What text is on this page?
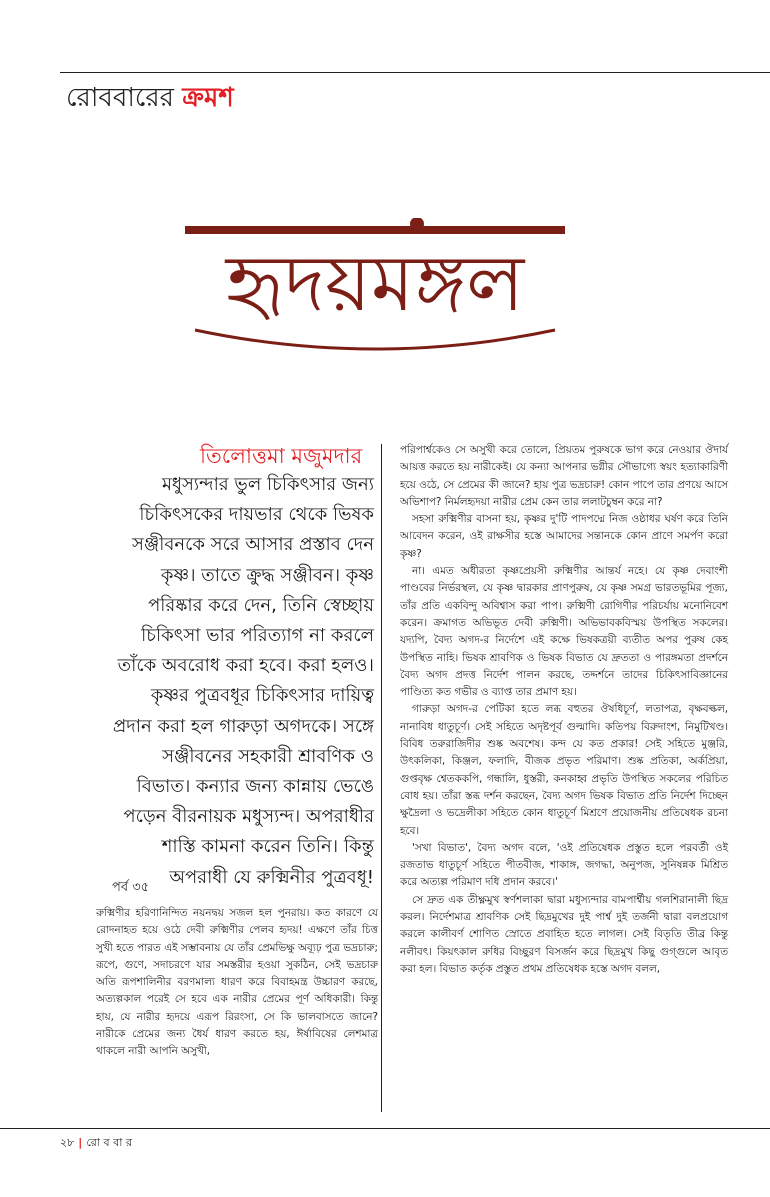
রোববারের ক্রমশ
হৃদয়মঙ্গল
তিলোত্তমা মজুমদার
মধুস্যন্দার ভুল চিকিৎসার জন্য চিকিৎসকের দায়ভার থেকে ভিষক সঞ্জীবনকে সরে আসার প্রস্তাব দেন কৃষ্ণ। তাতে ক্রুদ্ধ সঞ্জীবন। কৃষ্ণ পরিষ্কার করে দেন, তিনি স্বেচ্ছায় চিকিৎসা ভার পরিত্যাগ না করলে তাঁকে অবরোধ করা হবে। করা হলও। কৃষ্ণর পুত্রবধূর চিকিৎসার দায়িত্ব প্রদান করা হল গারুড়া অগদকে। সঙ্গে সঞ্জীবনের সহকারী শ্রাবণিক ও বিভাত। কন্যার জন্য কান্নায় ভেঙে পড়েন বীরনায়ক মধুস্যন্দ। অপরাধীর শাস্তি কামনা করেন তিনি। কিন্তু অপরাধী যে রুক্মিনীর পুত্রবধূ!
পর্ব ৩৫

রুক্মিণীর হরিণানিন্দিত নয়নদ্বয় সজল হল পুনরায়। কত কারণে যে রোদনাহত হয়ে ওঠে দেবী রুক্মিণীর পেলব হৃদয়! এক্ষণে তাঁর চিত্ত সুখী হতে পারত এই সম্ভাবনায় যে তাঁর প্রেমভিক্ষু অব্যূঢ় পুত্র ভদ্রচারু; রূপে, গুণে, সদাচরণে যার সমস্তরীর হওয়া সুকঠিন, সেই ভদ্রচারু অতি রূপশালিনীর বরণমাল্য ধারণ করে বিবাহমন্ত্র উচ্চারণ করছে, অত্যল্পকাল পরেই সে হবে এক নারীর প্রেমের পূর্ণ অধিকারী। কিন্তু হায়, যে নারীর হৃদয়ে এরূপ রিরংসা, সে কি ভালবাসতে জানে? নারীকে প্রেমের জন্য ধৈর্য ধারণ করতে হয়, ঈর্ষাবিষের লেশমাত্র থাকলে নারী আপনি অসুখী,

পরিপার্শ্বকেও সে অসুখী করে তোলে, প্রিয়তম পুরুষকে ভাগ করে নেওয়ার ঔদার্য আয়ত্ত করতে হয় নারীকেই। যে কন্যা আপনার ভগ্নীর সৌভাগ্যে স্বয়ং হত্যাকারিণী হয়ে ওঠে, সে প্রেমের কী জানে? হায় পুত্র ভদ্রচারু! কোন পাপে তার প্রণয়ে আসে অভিশাপ? নির্মলহৃদয়া নারীর প্রেম কেন তার ললাটচুম্বন করে না?

সহসা রুক্মিণীর বাসনা হয়, কৃষ্ণর দু'টি পাদপদ্মে নিজ ওষ্ঠাধর ঘর্ষণ করে তিনি আবেদন করেন, ওই রাক্ষসীর হস্তে আমাদের সন্তানকে কোন প্রাণে সমর্পণ করো কৃষ্ণ?

না। এমত অধীরতা কৃষ্ণপ্রেয়সী রুক্মিণীর আন্তর্য নহে। যে কৃষ্ণ দেবাংশী পাণ্ডবের নির্ভরস্থল, যে কৃষ্ণ দ্বারকার প্রাণপুরুষ, যে কৃষ্ণ সমগ্র ভারতভূমির পূজ্য, তাঁর প্রতি একবিন্দু অবিশ্বাস করা পাপ। রুক্মিণী রোগিণীর পরিচর্যায় মনোনিবেশ করেন। ক্রমাগত অভিভূত দেবী রুক্মিণী। অভিভাবকবিস্ময় উপস্থিত সকলের। যদ্যপি, বৈদ্য অগদ-র নির্দেশে এই কক্ষে ভিষকত্রয়ী ব্যতীত অপর পুরুষ কেহ উপস্থিত নাহি। ভিষক শ্রাবণিক ও ভিষক বিভাত যে দ্রুততা ও পারঙ্গমতা প্রদর্শনে বৈদ্য অগদ প্রদত্ত নির্দেশ পালন করছে, তদ্দর্শনে তাদের চিকিৎসাবিজ্ঞানের পাণ্ডিত্য কত গভীর ও ব্যাপ্ত তার প্রমাণ হয়।

গারুড়া অগদ-র পেটিকা হতে লব্ধ বহুতর ঔষধিচূর্ণ, লতাপত্র, বৃক্ষবল্কল, নানাবিধ ধাতুচূর্ণ। সেই সহিতে অদৃষ্টপূর্ব গুল্মাদি। কতিপয় বিরুদাংশ, নিমুটিখণ্ড। বিবিধ তরুরাজিদীর শুষ্ক অবশেষ। কন্দ যে কত প্রকার! সেই সহিতে মুঞ্জরি, উৎকলিকা, কিঞ্জল, ফলাদি, বীজক প্রভৃত পরিমাণ। শুষ্ক প্রতিকা, অর্কপ্রিয়া, গুপ্তবৃক্ষ শ্বেতককপি, গন্ধালি, ধুস্তরী, কনকাহ্ব প্রভৃতি উপস্থিত সকলের পরিচিত বোধ হয়। তাঁরা স্তব্ধ দর্শন করছেন, বৈদ্য অগদ ভিষক বিভাত প্রতি নির্দেশ দিচ্ছেন ক্ষুদ্রৈলা ও ভদ্রেলীকা সহিতে কোন ধাতুচূর্ণ মিশ্রণে প্রয়োজনীয় প্রতিষেধক রচনা হবে।

'সখা বিভাত', বৈদ্য অগদ বলে, 'ওই প্রতিষেধক প্রস্তুত হলে পরবর্তী ওই রজতাভ ধাতুচূর্ণ সহিতে পীতবীজ, শাকাঙ্গ, জগদ্ধা, অনুপজ, সুনিষন্নক মিশ্রিত করে অত্যল্প পরিমাণ দধি প্রদান করবে।'

সে দ্রুত এক তীক্ষ্ণমুখ স্বর্ণশলাকা দ্বারা মধুস্যন্দার বামপার্শ্বীয় গলশিরানালী ছিদ্র করল। নির্দেশমাত্র শ্রাবণিক সেই ছিদ্রমুখের দুই পার্শ্ব দুই তর্জনী দ্বারা বলপ্রয়োগ করলে কালীবর্ণ শোণিত স্রোতে প্রবাহিত হতে লাগল। সেই বিতৃতি তীব্র কিন্তু নলীবৎ। কিয়ৎকাল রুধির বিচ্ছুরণ বিসর্জন করে ছিদ্রমুখ কিছু গুগ্গুলে আবৃত করা হল। বিভাত কর্তৃক প্রস্তুত প্রথম প্রতিষেধক হস্তে অগদ বলল,

২৮ | রো ব বা র
